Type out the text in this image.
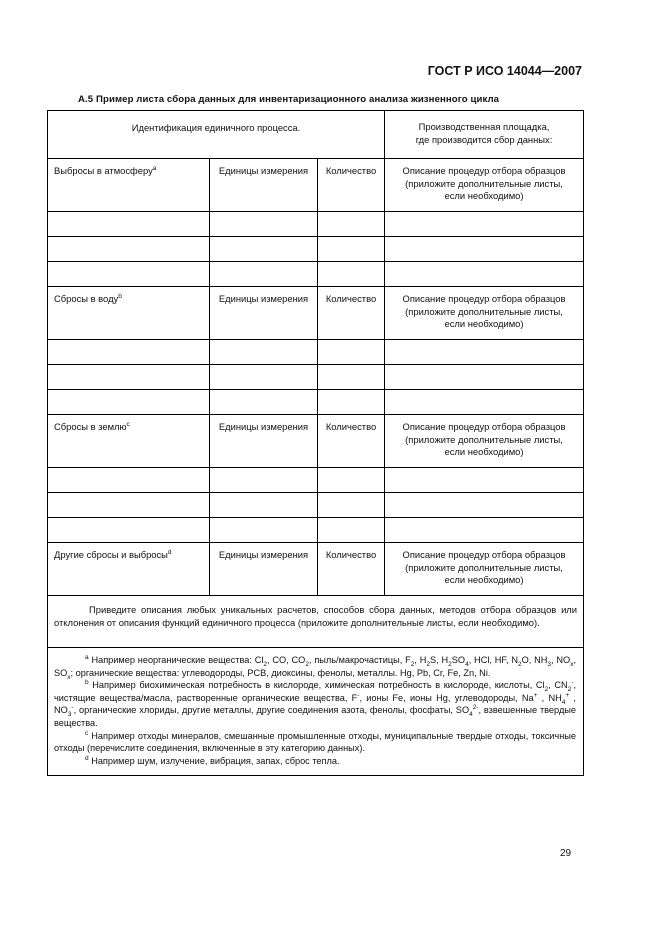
ГОСТ Р ИСО 14044—2007
А.5 Пример листа сбора данных для инвентаризационного анализа жизненного цикла
Идентификация единичного процесса.			Производственная площадка,
где производится сбор данных:

Выбросы в атмосферу$^a$	Единицы измерения	Количество	Описание процедур отбора образцов
(приложите дополнительные листы,
если необходимо)

Сбросы в воду$^b$	Единицы измерения	Количество	Описание процедур отбора образцов
(приложите дополнительные листы,
если необходимо)

Сбросы в землю$^c$	Единицы измерения	Количество	Описание процедур отбора образцов
(приложите дополнительные листы,
если необходимо)

Другие сбросы и выбросы$^d$	Единицы измерения	Количество	Описание процедур отбора образцов
(приложите дополнительные листы,
если необходимо)

Приведите описания любых уникальных расчетов, способов сбора данных, методов отбора образцов или отклонения от описания функций единичного процесса (приложите дополнительные листы, если необходимо).			

$^a$ Например неорганические вещества: $Cl_2$, CO, $CO_2$, пыль/макрочастицы, $F_2$, $H_2S$, $H_2SO_4$, HCl, HF, $N_2O$, $NH_3$, $NO_x$, $SO_x$; органические вещества: углеводороды, PCB, диоксины, фенолы, металлы. Hg, Pb, Cr, Fe, Zn, Ni.

$^b$ Например биохимическая потребность в кислороде, химическая потребность в кислороде, кислоты, $Cl_2$, $CN_2^-$, чистящие вещества/масла, растворенные органические вещества, F-, ионы Fe, ионы Hg, углеводороды, Na+ , $NH_4^+$ , $NO_3^-$, органические хлориды, другие металлы, другие соединения азота, фенолы, фосфаты, $SO_4^{2-}$, взвешенные твердые вещества.

$^c$ Например отходы минералов, смешанные промышленные отходы, муниципальные твердые отходы, токсичные отходы (перечислите соединения, включенные в эту категорию данных).

$^d$ Например шум, излучение, вибрация, запах, сброс тепла.			

29
